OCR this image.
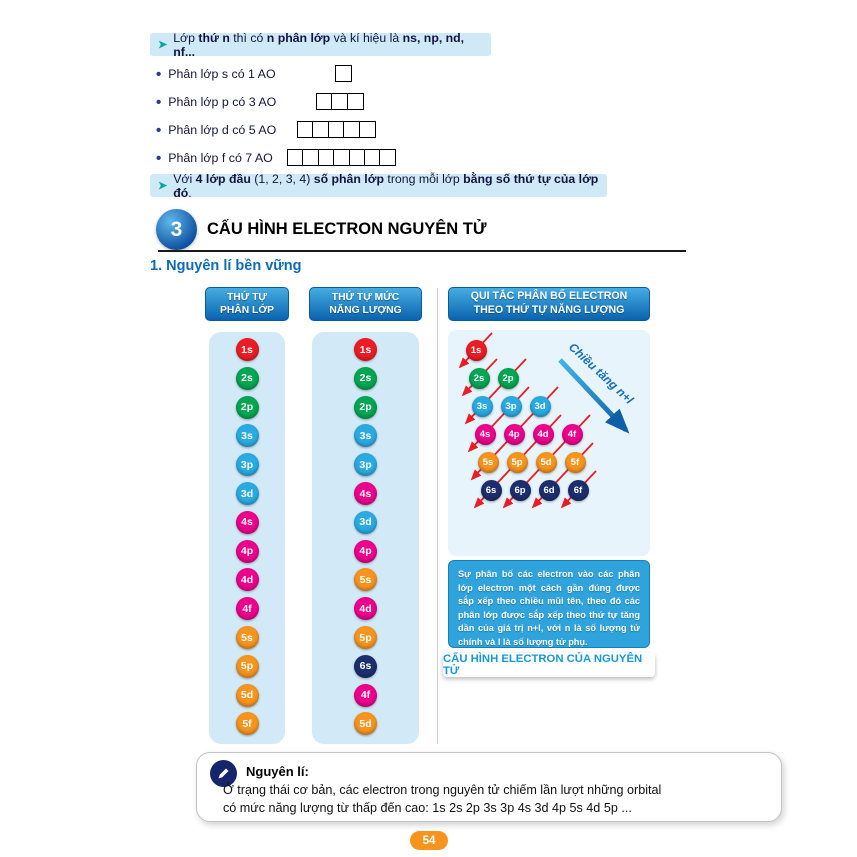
➤
Lớp thứ n thì có n phân lớp và kí hiệu là ns, np, nd, nf...
• Phân lớp s có 1 AO
• Phân lớp p có 3 AO
• Phân lớp d có 5 AO
• Phân lớp f có 7 AO
➤
Với 4 lớp đầu (1, 2, 3, 4) số phân lớp trong mỗi lớp bằng số thứ tự của lớp đó.
3 CẤU HÌNH ELECTRON NGUYÊN TỬ
1. Nguyên lí bền vững
THỨ TỰ
PHÂN LỚP
THỨ TỰ MỨC
NĂNG LƯỢNG
QUI TẮC PHÂN BỐ ELECTRON
THEO THỨ TỰ NĂNG LƯỢNG
1s
2s
2p
3s
3p
3d
4s
4p
4d
4f
5s
5p
5d
5f
1s
2s
2p
3s
3p
4s
3d
4p
5s
4d
5p
6s
4f
5d
Chiều tăng n+l
1s
2s	2p
3s	3p	3d
4s	4p	4d	4f
5s	5p	5d	5f
6s	6p	6d	6f
Sự phân bố các electron vào các phân lớp electron một cách gần đúng được sắp xếp theo chiều mũi tên, theo đó các phân lớp được sắp xếp theo thứ tự tăng dần của giá trị n+l, với n là số lượng tử chính và l là số lượng tử phụ.
CẤU HÌNH ELECTRON CỦA NGUYÊN TỬ
Nguyên lí:
Ở trạng thái cơ bản, các electron trong nguyên tử chiếm lần lượt những orbital
có mức năng lượng từ thấp đến cao: 1s 2s 2p 3s 3p 4s 3d 4p 5s 4d 5p ...
54
